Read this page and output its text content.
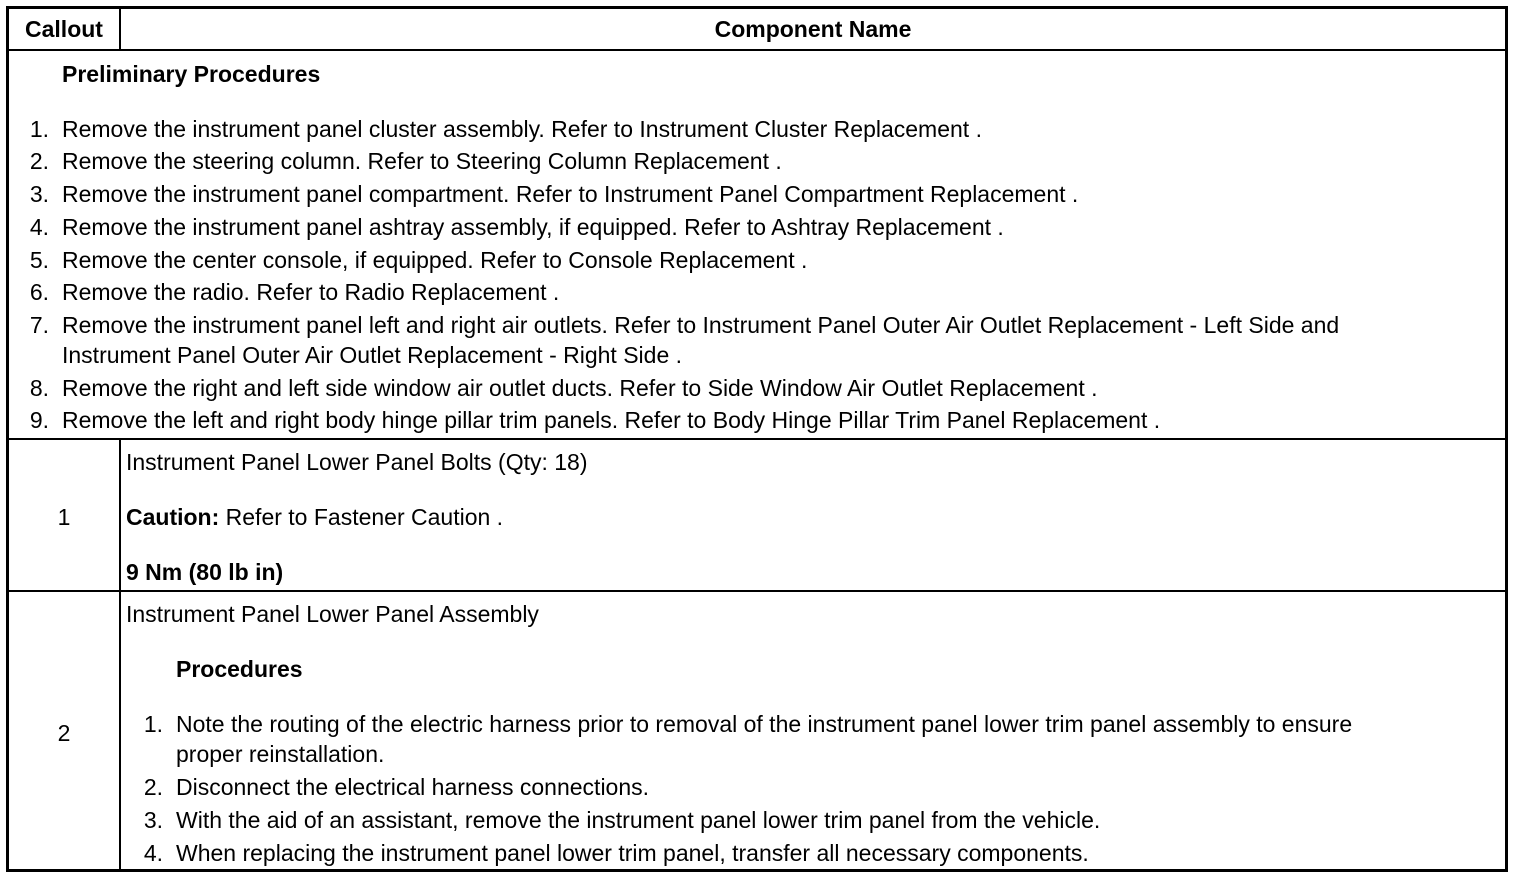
Callout	Component Name
Preliminary Procedures
1. Remove the instrument panel cluster assembly. Refer to Instrument Cluster Replacement .
2. Remove the steering column. Refer to Steering Column Replacement .
3. Remove the instrument panel compartment. Refer to Instrument Panel Compartment Replacement .
4. Remove the instrument panel ashtray assembly, if equipped. Refer to Ashtray Replacement .
5. Remove the center console, if equipped. Refer to Console Replacement .
6. Remove the radio. Refer to Radio Replacement .
7. Remove the instrument panel left and right air outlets. Refer to Instrument Panel Outer Air Outlet Replacement - Left Side and
Instrument Panel Outer Air Outlet Replacement - Right Side .
8. Remove the right and left side window air outlet ducts. Refer to Side Window Air Outlet Replacement .
9. Remove the left and right body hinge pillar trim panels. Refer to Body Hinge Pillar Trim Panel Replacement .
1
Instrument Panel Lower Panel Bolts (Qty: 18)
Caution: Refer to Fastener Caution .
9 Nm (80 lb in)
2
Instrument Panel Lower Panel Assembly
Procedures
1. Note the routing of the electric harness prior to removal of the instrument panel lower trim panel assembly to ensure
proper reinstallation.
2. Disconnect the electrical harness connections.
3. With the aid of an assistant, remove the instrument panel lower trim panel from the vehicle.
4. When replacing the instrument panel lower trim panel, transfer all necessary components.
